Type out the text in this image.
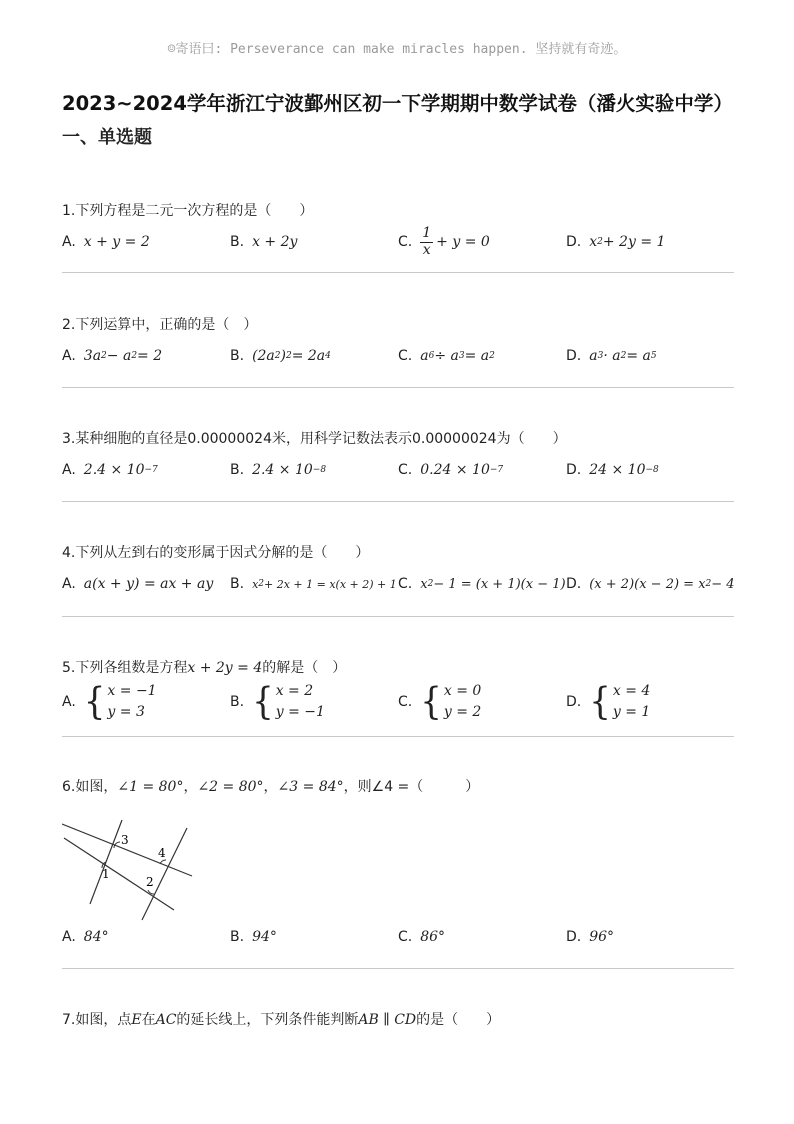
☺寄语曰: Perseverance can make miracles happen. 坚持就有奇迹。
2023~2024学年浙江宁波鄞州区初一下学期期中数学试卷（潘火实验中学）
一、单选题
1.下列方程是二元一次方程的是（　　）
A. x + y = 2	B. x + 2y	C. $\frac{1}{x} + y = 0$	D. x 2 + 2y = 1
2.下列运算中，正确的是（　）
A. 3a 2 − a 2 = 2	B. (2a 2 ) 2 = 2a 4	C. a 6 ÷ a 3 = a 2	D. a 3 · a 2 = a 5
3.某种细胞的直径是0.00000024米，用科学记数法表示0.00000024为（　　）
A. 2.4 × 10 −7	B. 2.4 × 10 −8	C. 0.24 × 10 −7	D. 24 × 10 −8
4.下列从左到右的变形属于因式分解的是（　　）
A. a(x + y) = ax + ay B. x 2 + 2x + 1 = x(x + 2) + 1 C. x 2 − 1 = (x + 1)(x − 1) D. (x + 2)(x − 2) = x 2 − 4
5.下列各组数是方程x + 2y = 4的解是（　）
A. { x = −1
y = 3
B. { x = 2
y = −1
C. { x = 0
y = 2
D. { x = 4
y = 1
6.如图，∠1 = 80°，∠2 = 80°，∠3 = 84°，则∠4 =（　　　）
3
4
1
2
A. 84°	B. 94°	C. 86°	D. 96°
7.如图，点E在AC的延长线上，下列条件能判断AB ∥ CD的是（　　）
